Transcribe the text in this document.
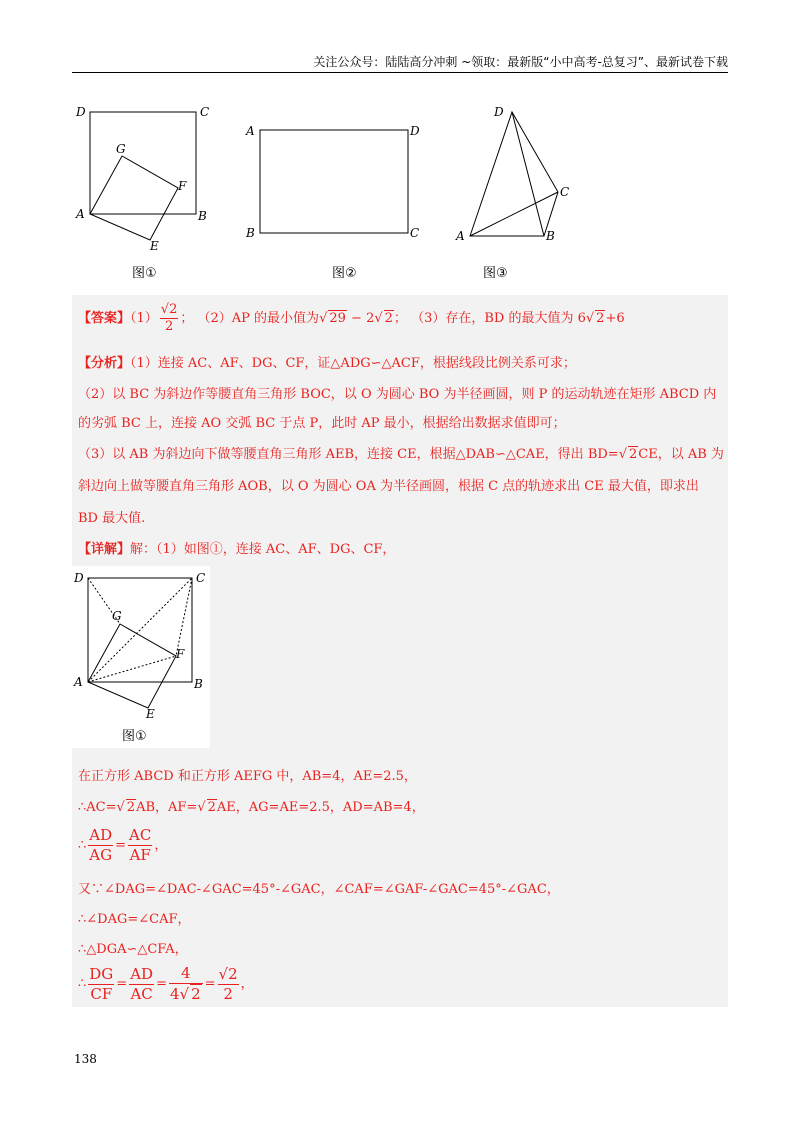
关注公众号：陆陆高分冲刺 ~领取：最新版“小中高考-总复习”、最新试卷下载
D	C
G
F
A	B
E
图①
A	D
B	C
图②
D
C
A	B
图③
【答案】$(1) \frac{√2}{2}$ ； （2）AP 的最小值为√ 29 − 2√ 2； （3）存在，BD 的最大值为 6√ 2+6
【分析】（1）连接 AC、AF、DG、CF，证△ADG∽△ACF，根据线段比例关系可求；
（2）以 BC 为斜边作等腰直角三角形 BOC，以 O 为圆心 BO 为半径画圆，则 P 的运动轨迹在矩形 ABCD 内
的劣弧 BC 上，连接 AO 交弧 BC 于点 P，此时 AP 最小，根据给出数据求值即可；
（3）以 AB 为斜边向下做等腰直角三角形 AEB，连接 CE，根据△DAB∽△CAE，得出 BD=√ 2CE，以 AB 为
斜边向上做等腰直角三角形 AOB，以 O 为圆心 OA 为半径画圆，根据 C 点的轨迹求出 CE 最大值，即求出
BD 最大值.
【详解】解：（1）如图①，连接 AC、AF、DG、CF，
D	C
G
F
A	B
E
图①
在正方形 ABCD 和正方形 AEFG 中，AB=4，AE=2.5，
∴AC=√ 2AB，AF=√ 2AE，AG=AE=2.5，AD=AB=4，
∴ $\frac{AD}{AG} = \frac{AC}{AF}$ ，
又∵∠DAG=∠DAC-∠GAC=45°-∠GAC，∠CAF=∠GAF-∠GAC=45°-∠GAC，
∴∠DAG=∠CAF，
∴△DGA∽△CFA，
∴ $\frac{DG}{CF} = \frac{AD}{AC} = \frac{4}{4√ 2} = \frac{√2}{2}$ ，
138
